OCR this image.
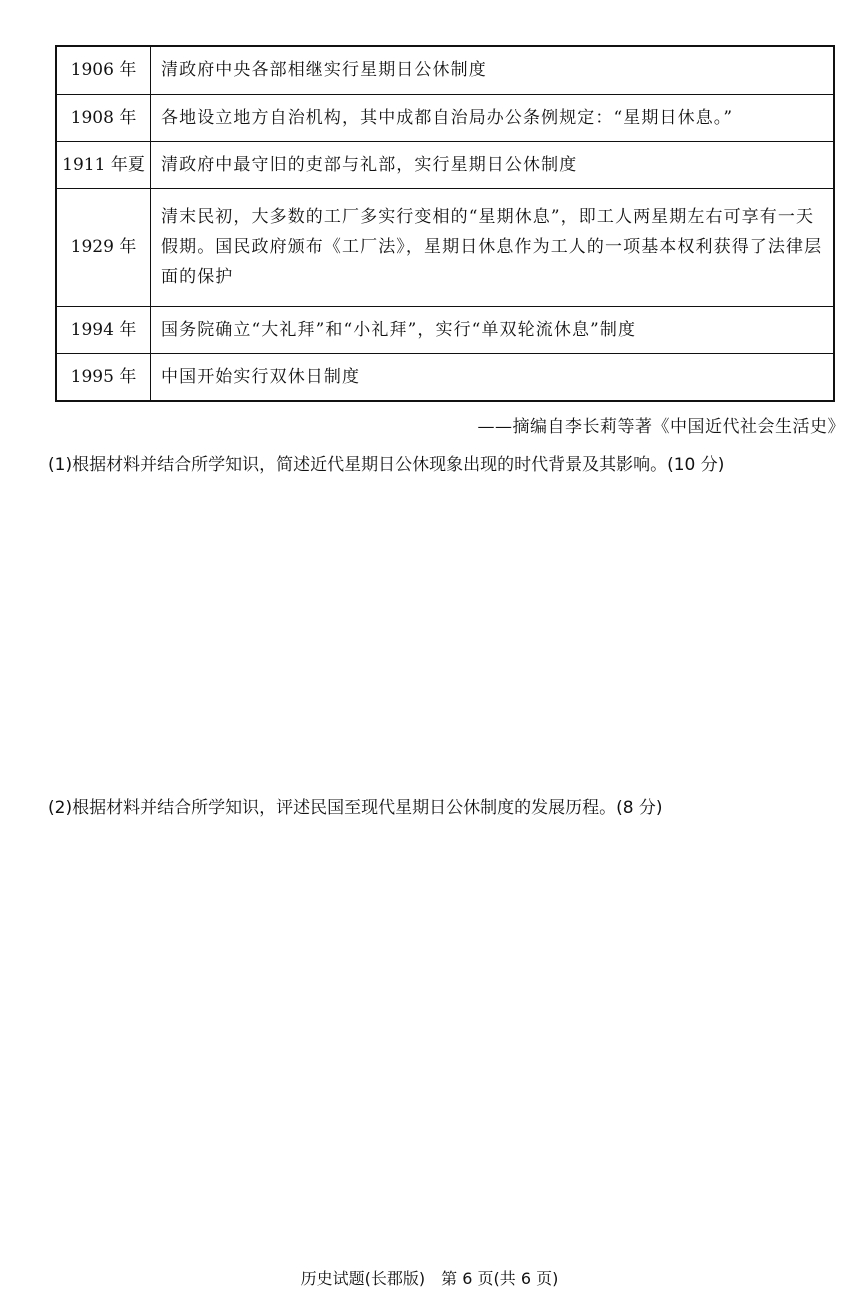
1906 年	清政府中央各部相继实行星期日公休制度
1908 年	各地设立地方自治机构，其中成都自治局办公条例规定：“星期日休息。”
1911 年夏	清政府中最守旧的吏部与礼部，实行星期日公休制度
1929 年	清末民初，大多数的工厂多实行变相的“星期休息”，即工人两星期左右可享有一天假期。国民政府颁布《工厂法》，星期日休息作为工人的一项基本权利获得了法律层面的保护
1994 年	国务院确立“大礼拜”和“小礼拜”，实行“单双轮流休息”制度
1995 年	中国开始实行双休日制度
——摘编自李长莉等著《中国近代社会生活史》
(1)根据材料并结合所学知识，简述近代星期日公休现象出现的时代背景及其影响。(10 分)
(2)根据材料并结合所学知识，评述民国至现代星期日公休制度的发展历程。(8 分)
历史试题(长郡版)　第 6 页(共 6 页)
